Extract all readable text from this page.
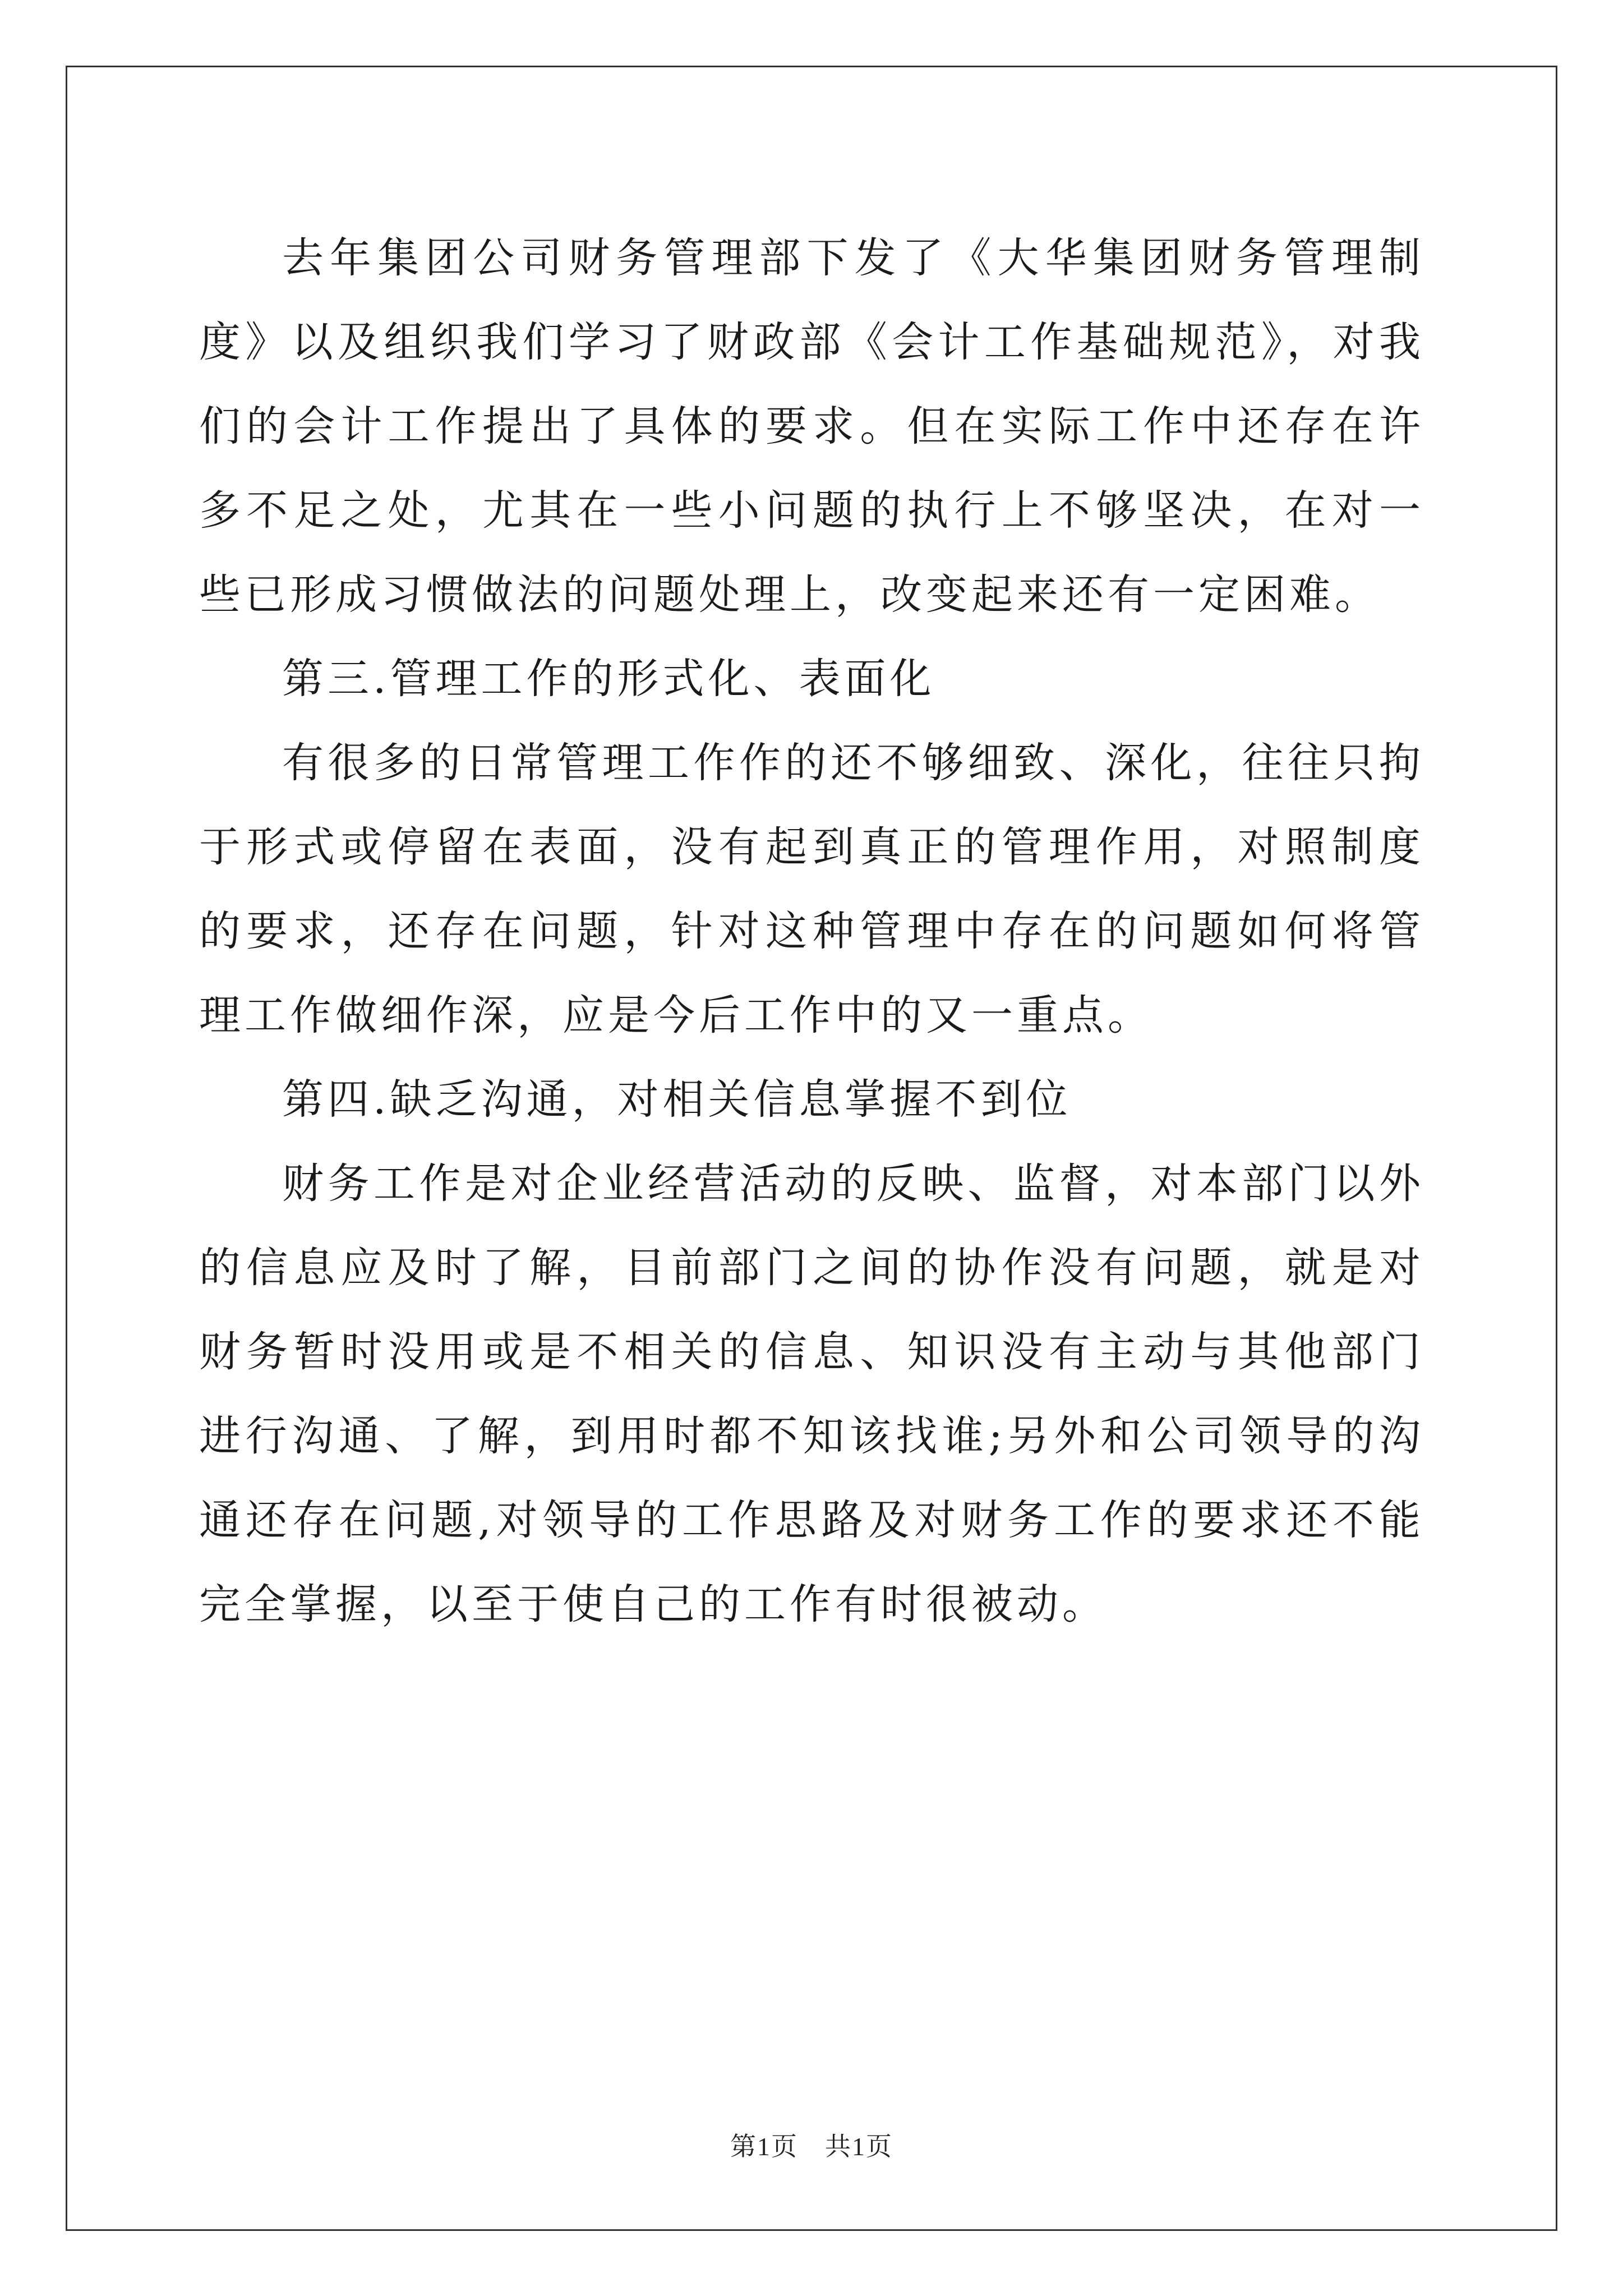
去年集团公司财务管理部下发了《大华集团财务管理制度》以及组织我们学习了财政部《会计工作基础规范》，对我们的会计工作提出了具体的要求。但在实际工作中还存在许多不足之处，尤其在一些小问题的执行上不够坚决，在对一些已形成习惯做法的问题处理上，改变起来还有一定困难。

第三.管理工作的形式化、表面化

有很多的日常管理工作作的还不够细致、深化，往往只拘于形式或停留在表面，没有起到真正的管理作用，对照制度的要求，还存在问题，针对这种管理中存在的问题如何将管理工作做细作深，应是今后工作中的又一重点。

第四.缺乏沟通，对相关信息掌握不到位

财务工作是对企业经营活动的反映、监督，对本部门以外的信息应及时了解，目前部门之间的协作没有问题，就是对财务暂时没用或是不相关的信息、知识没有主动与其他部门进行沟通、了解，到用时都不知该找谁;另外和公司领导的沟通还存在问题,对领导的工作思路及对财务工作的要求还不能完全掌握，以至于使自己的工作有时很被动。

第1页　共1页
